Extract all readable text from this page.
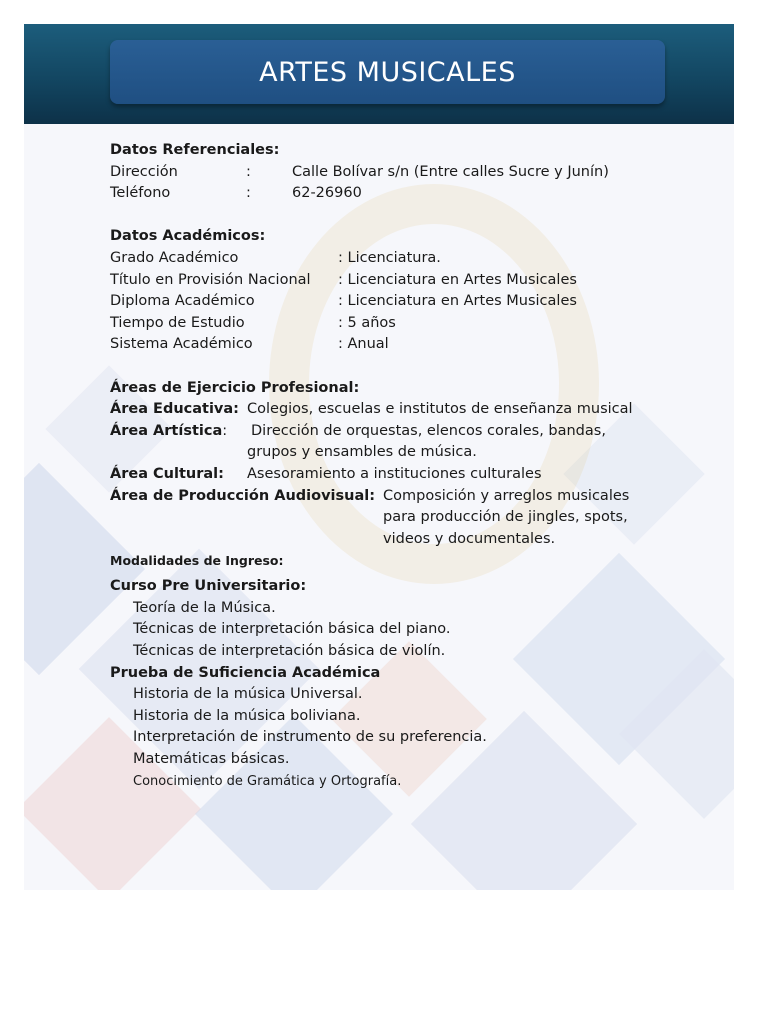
ARTES MUSICALES
Datos Referenciales:
Dirección	:	Calle Bolívar s/n (Entre calles Sucre y Junín)
Teléfono	:	62-26960
Datos Académicos:
Grado Académico	: Licenciatura.
Título en Provisión Nacional : Licenciatura en Artes Musicales
Diploma Académico	: Licenciatura en Artes Musicales
Tiempo de Estudio	: 5 años
Sistema Académico	: Anual
Áreas de Ejercicio Profesional:
Área Educativa: Colegios, escuelas e institutos de enseñanza musical
Área Artística: Dirección de orquestas, elencos corales, bandas,
grupos y ensambles de música.
Área Cultural: Asesoramiento a instituciones culturales
Área de Producción Audiovisual: Composición y arreglos musicales
para producción de jingles, spots,
videos y documentales.
Modalidades de Ingreso:
Curso Pre Universitario:
Teoría de la Música.
Técnicas de interpretación básica del piano.
Técnicas de interpretación básica de violín.
Prueba de Suficiencia Académica
Historia de la música Universal.
Historia de la música boliviana.
Interpretación de instrumento de su preferencia.
Matemáticas básicas.
Conocimiento de Gramática y Ortografía.
